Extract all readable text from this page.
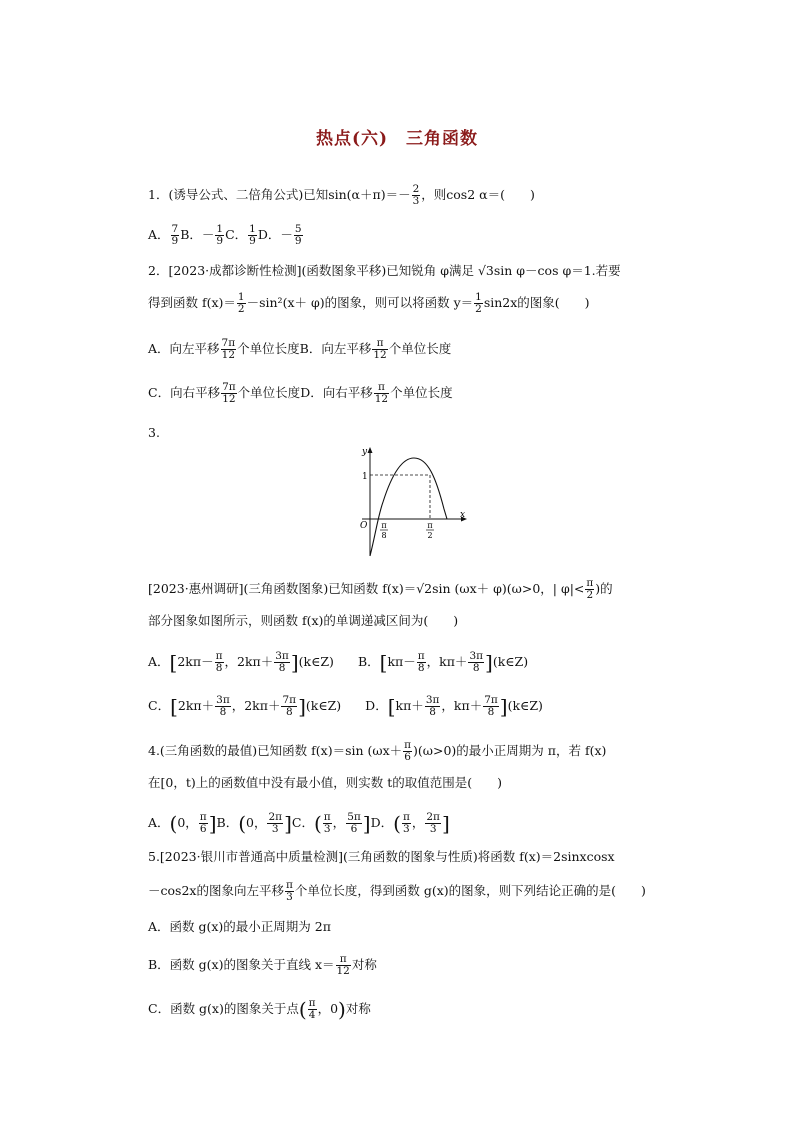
热点(六)　三角函数
1．(诱导公式、二倍角公式)已知$\sin(\alpha+\pi)=- \frac{2}{3}$ ，则cos2 α＝(　　)
A． $\frac{7}{9}$ B．－ $\frac{1}{9}$ C． $\frac{1}{9}$ D．－ $\frac{5}{9}$
2．[2023·成都诊断性检测](函数图象平移)已知锐角 φ满足 √3sin φ－cos φ＝1.若要
得到函数 $f(x)= \frac{1}{2} -\sin^2(x+ \varphi)$的图象，则可以将函数 $y= \frac{1}{2} \sin 2x$的图象(　　)
A．向左平移 $\frac{7\pi}{12}$ 个单位长度B．向左平移 $\frac{\pi}{12}$ 个单位长度
C．向右平移 $\frac{7\pi}{12}$ 个单位长度D．向右平移 $\frac{\pi}{12}$ 个单位长度
3.
y
x
O
1
π
8
π
2
[2023·惠州调研](三角函数图象)已知函数 f(x)＝√2sin (ωx＋ φ)(ω>0，| $\varphi|< \frac{\pi}{2}$ )的
部分图象如图所示，则函数 f(x)的单调递减区间为(　　)
A．[$2k\pi- \frac{\pi}{8}$ ，$2k\pi+ \frac{3\pi}{8}$ ](k∈Z) B．[$k\pi- \frac{\pi}{8}$ ，$k\pi+ \frac{3\pi}{8}$ ](k∈Z)
C．[$2k\pi+ \frac{3\pi}{8}$ ，$2k\pi+ \frac{7\pi}{8}$ ](k∈Z) D．[$k\pi+ \frac{3\pi}{8}$ ，$k\pi+ \frac{7\pi}{8}$ ](k∈Z)
4.(三角函数的最值)已知函数 f(x)＝sin $(\omega x+ \frac{\pi}{6} )(\omega>0)$的最小正周期为 π，若 f(x)
在[0，t)上的函数值中没有最小值，则实数 t的取值范围是(　　)
A．(0， $\frac{\pi}{6} ]B$．(0， $\frac{2\pi}{3} ]C$．( $\frac{\pi}{3}$ ， $\frac{5\pi}{6} ]D$．( $\frac{\pi}{3}$ ， $\frac{2\pi}{3}$ ]
5.[2023·银川市普通高中质量检测](三角函数的图象与性质)将函数 f(x)＝2sinxcosx
－cos2x的图象向左平移 $\frac{\pi}{3}$ 个单位长度，得到函数 g(x)的图象，则下列结论正确的是(　　)
A．函数 g(x)的最小正周期为 2π
B．函数 g(x)的图象关于直线 $x= \frac{\pi}{12}$ 对称
C．函数 g(x)的图象关于点( $\frac{\pi}{4}$ ，0)对称
